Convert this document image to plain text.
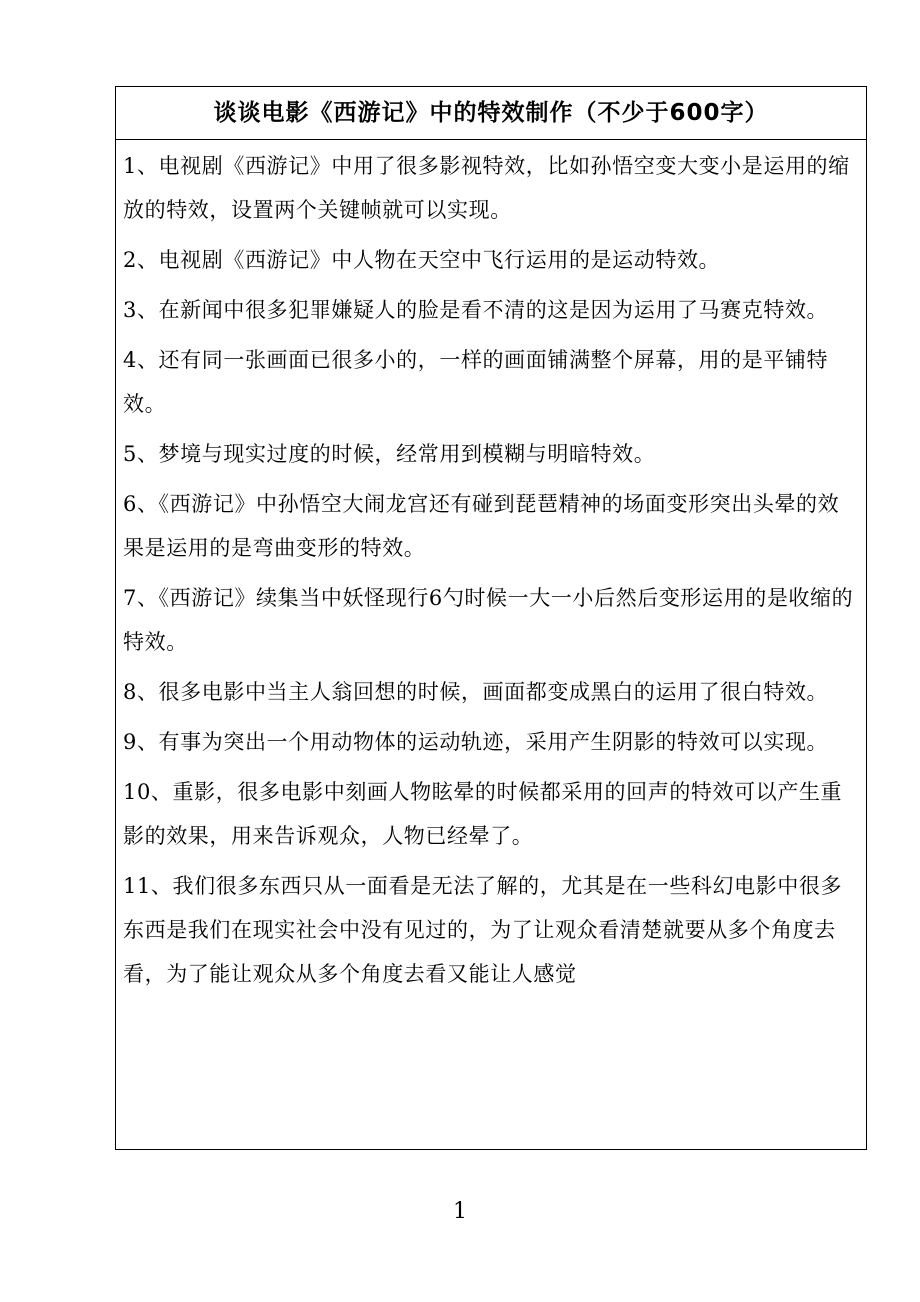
谈谈电影《西游记》中的特效制作（不少于600字）

1、电视剧《西游记》中用了很多影视特效，比如孙悟空变大变小是运用的缩放的特效，设置两个关键帧就可以实现。

2、电视剧《西游记》中人物在天空中飞行运用的是运动特效。

3、在新闻中很多犯罪嫌疑人的脸是看不清的这是因为运用了马赛克特效。

4、还有同一张画面已很多小的，一样的画面铺满整个屏幕，用的是平铺特效。

5、梦境与现实过度的时候，经常用到模糊与明暗特效。

6、《西游记》中孙悟空大闹龙宫还有碰到琵琶精神的场面变形突出头晕的效果是运用的是弯曲变形的特效。

7、《西游记》续集当中妖怪现行6勺时候一大一小后然后变形运用的是收缩的特效。

8、很多电影中当主人翁回想的时候，画面都变成黑白的运用了很白特效。

9、有事为突出一个用动物体的运动轨迹，采用产生阴影的特效可以实现。

10、重影，很多电影中刻画人物眩晕的时候都采用的回声的特效可以产生重影的效果，用来告诉观众，人物已经晕了。

11、我们很多东西只从一面看是无法了解的，尤其是在一些科幻电影中很多东西是我们在现实社会中没有见过的，为了让观众看清楚就要从多个角度去看，为了能让观众从多个角度去看又能让人感觉

1
